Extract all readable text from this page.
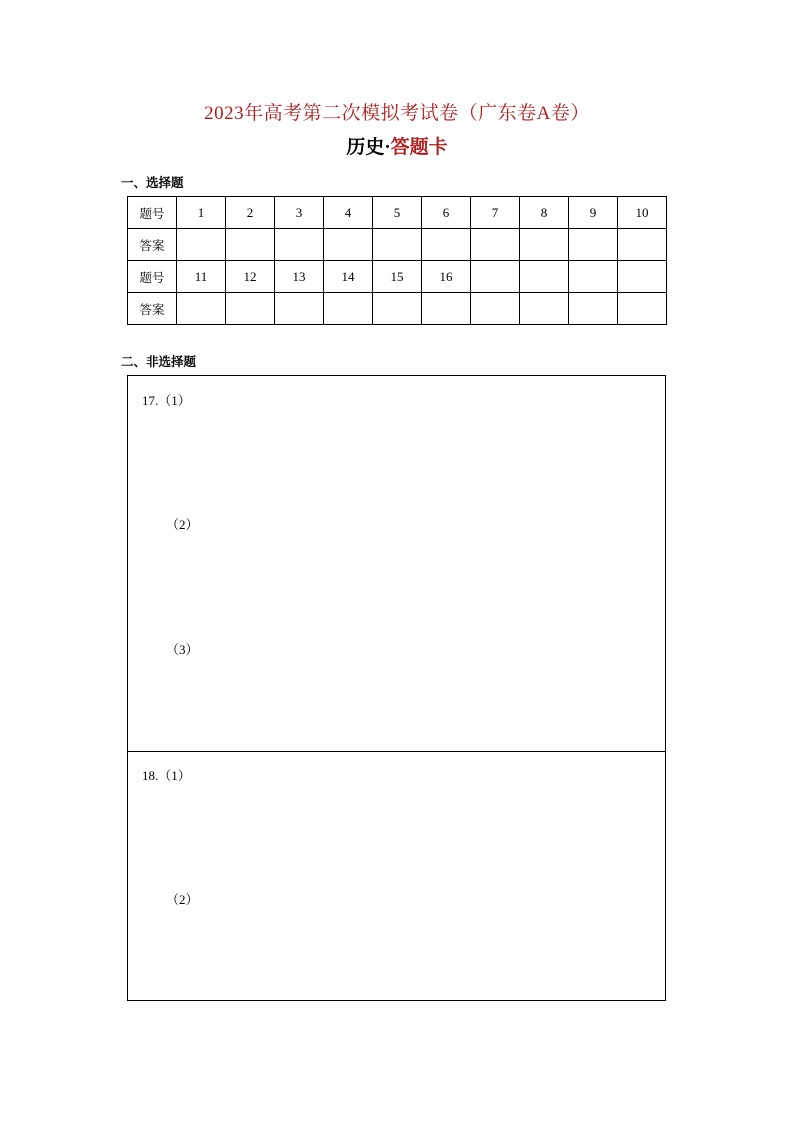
2023年高考第二次模拟考试卷（广东卷A卷）
历史·答题卡
一、选择题
题号	1	2	3	4	5	6	7	8	9	10
答案										
题号	11	12	13	14	15	16				
答案										
二、非选择题
17.（1）
（2）
（3）
18.（1）
（2）
